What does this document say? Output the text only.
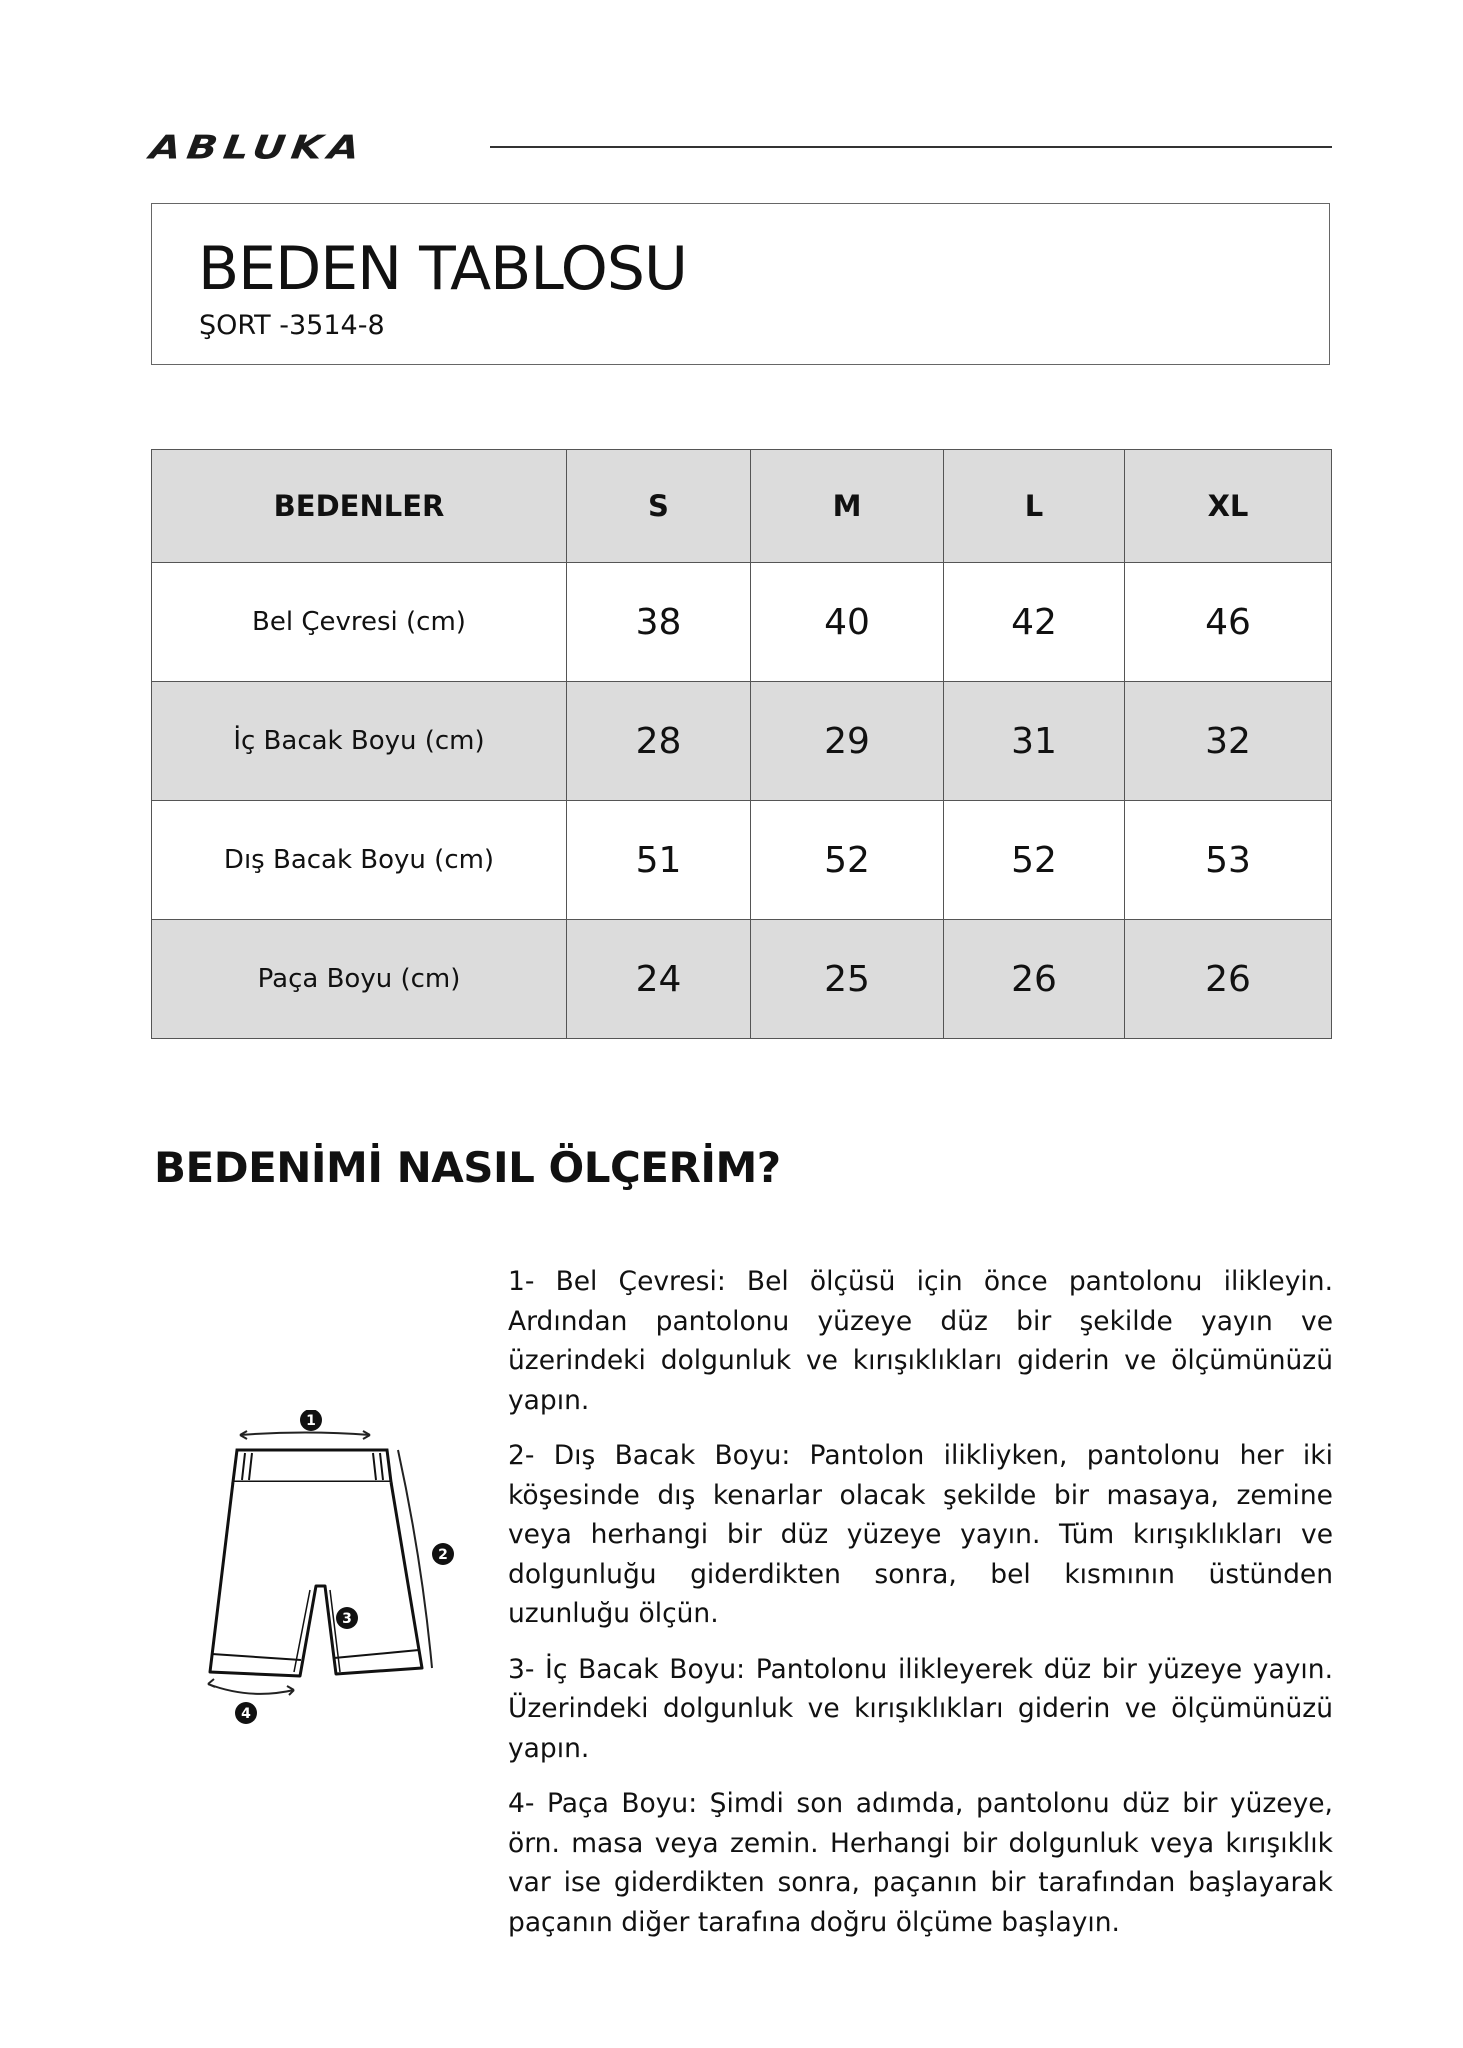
ABLUKA
BEDEN TABLOSU
ŞORT -3514-8
BEDENLER	S	M	L	XL
Bel Çevresi (cm)	38	40	42	46
İç Bacak Boyu (cm)	28	29	31	32
Dış Bacak Boyu (cm)	51	52	52	53
Paça Boyu (cm)	24	25	26	26
BEDENİMİ NASIL ÖLÇERİM?
1
2
3
4

1- Bel Çevresi: Bel ölçüsü için önce pantolonu ilikleyin. Ardından pantolonu yüzeye düz bir şekilde yayın ve üzerindeki dolgunluk ve kırışıklıkları giderin ve ölçümünüzü yapın.

2- Dış Bacak Boyu: Pantolon ilikliyken, pantolonu her iki köşesinde dış kenarlar olacak şekilde bir masaya, zemine veya herhangi bir düz yüzeye yayın. Tüm kırışıklıkları ve dolgunluğu giderdikten sonra, bel kısmının üstünden uzunluğu ölçün.

3- İç Bacak Boyu: Pantolonu ilikleyerek düz bir yüzeye yayın. Üzerindeki dolgunluk ve kırışıklıkları giderin ve ölçümünüzü yapın.

4- Paça Boyu: Şimdi son adımda, pantolonu düz bir yüzeye, örn. masa veya zemin. Herhangi bir dolgunluk veya kırışıklık var ise giderdikten sonra, paçanın bir tarafından başlayarak paçanın diğer tarafına doğru ölçüme başlayın.
